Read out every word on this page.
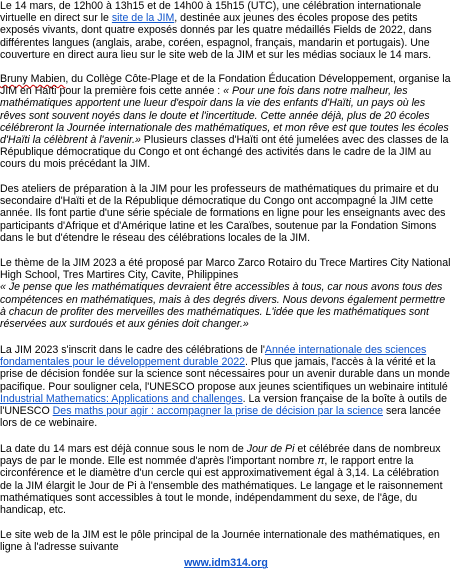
Le 14 mars, de 12h00 à 13h15 et de 14h00 à 15h15 (UTC), une célébration internationale virtuelle en direct sur le site de la JIM, destinée aux jeunes des écoles propose des petits exposés vivants, dont quatre exposés donnés par les quatre médaillés Fields de 2022, dans différentes langues (anglais, arabe, coréen, espagnol, français, mandarin et portugais). Une couverture en direct aura lieu sur le site web de la JIM et sur les médias sociaux le 14 mars.

Bruny Mabien, du Collège Côte-Plage et de la Fondation Éducation Développement, organise la JIM en Haïti pour la première fois cette année : « Pour une fois dans notre malheur, les mathématiques apportent une lueur d'espoir dans la vie des enfants d'Haïti, un pays où les rêves sont souvent noyés dans le doute et l'incertitude. Cette année déjà, plus de 20 écoles célébreront la Journée internationale des mathématiques, et mon rêve est que toutes les écoles d'Haïti la célèbrent à l'avenir.» Plusieurs classes d'Haïti ont été jumelées avec des classes de la République démocratique du Congo et ont échangé des activités dans le cadre de la JIM au cours du mois précédant la JIM.

Des ateliers de préparation à la JIM pour les professeurs de mathématiques du primaire et du secondaire d'Haïti et de la République démocratique du Congo ont accompagné la JIM cette année. Ils font partie d'une série spéciale de formations en ligne pour les enseignants avec des participants d'Afrique et d'Amérique latine et les Caraïbes, soutenue par la Fondation Simons dans le but d'étendre le réseau des célébrations locales de la JIM.

Le thème de la JIM 2023 a été proposé par Marco Zarco Rotairo du Trece Martires City National High School, Tres Martires City, Cavite, Philippines

« Je pense que les mathématiques devraient être accessibles à tous, car nous avons tous des compétences en mathématiques, mais à des degrés divers. Nous devons également permettre à chacun de profiter des merveilles des mathématiques. L'idée que les mathématiques sont réservées aux surdoués et aux génies doit changer.»

La JIM 2023 s'inscrit dans le cadre des célébrations de l'Année internationale des sciences fondamentales pour le développement durable 2022. Plus que jamais, l'accès à la vérité et la prise de décision fondée sur la science sont nécessaires pour un avenir durable dans un monde pacifique. Pour souligner cela, l'UNESCO propose aux jeunes scientifiques un webinaire intitulé Industrial Mathematics: Applications and challenges. La version française de la boîte à outils de l'UNESCO Des maths pour agir : accompagner la prise de décision par la science sera lancée lors de ce webinaire.

La date du 14 mars est déjà connue sous le nom de Jour de Pi et célébrée dans de nombreux pays de par le monde. Elle est nommée d'après l'important nombre π, le rapport entre la circonférence et le diamètre d'un cercle qui est approximativement égal à 3,14. La célébration de la JIM élargit le Jour de Pi à l'ensemble des mathématiques. Le langage et le raisonnement mathématiques sont accessibles à tout le monde, indépendamment du sexe, de l'âge, du handicap, etc.

Le site web de la JIM est le pôle principal de la Journée internationale des mathématiques, en ligne à l'adresse suivante

www.idm314.org
